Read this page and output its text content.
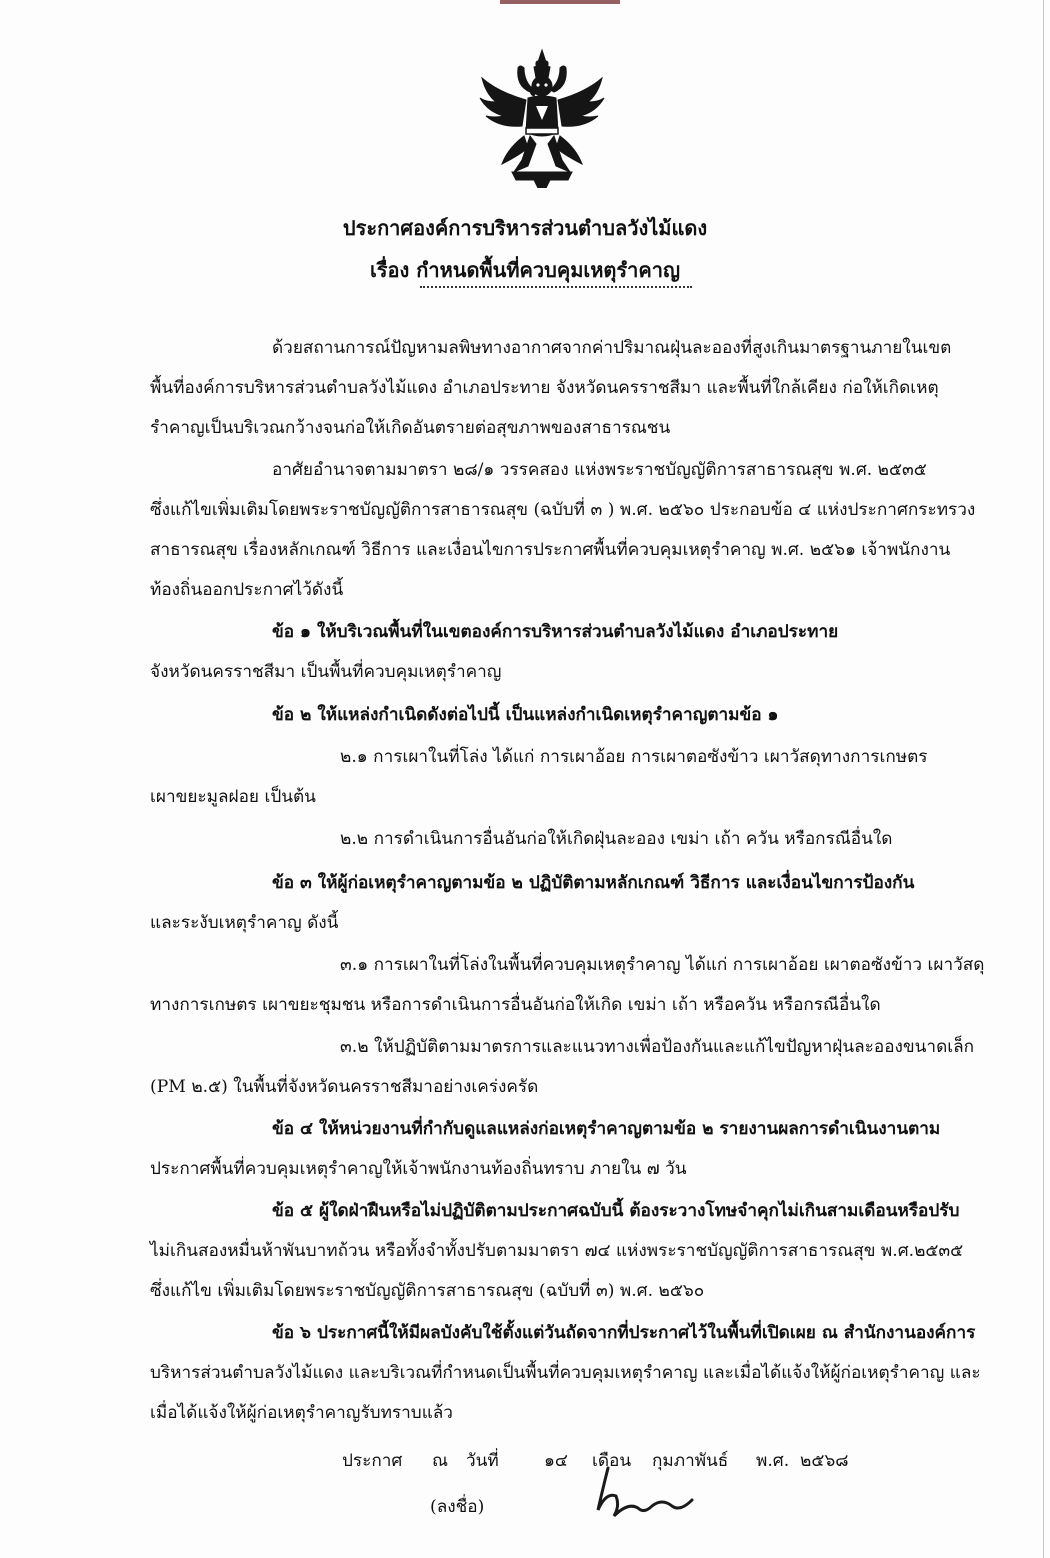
ประกาศองค์การบริหารส่วนตำบลวังไม้แดง
เรื่อง กำหนดพื้นที่ควบคุมเหตุรำคาญ
ด้วยสถานการณ์ปัญหามลพิษทางอากาศจากค่าปริมาณฝุ่นละอองที่สูงเกินมาตรฐานภายในเขต
พื้นที่องค์การบริหารส่วนตำบลวังไม้แดง อำเภอประทาย จังหวัดนครราชสีมา และพื้นที่ใกล้เคียง ก่อให้เกิดเหตุ
รำคาญเป็นบริเวณกว้างจนก่อให้เกิดอันตรายต่อสุขภาพของสาธารณชน
อาศัยอำนาจตามมาตรา ๒๘/๑ วรรคสอง แห่งพระราชบัญญัติการสาธารณสุข พ.ศ. ๒๕๓๕
ซึ่งแก้ไขเพิ่มเติมโดยพระราชบัญญัติการสาธารณสุข (ฉบับที่ ๓ ) พ.ศ. ๒๕๖๐ ประกอบข้อ ๔ แห่งประกาศกระทรวง
สาธารณสุข เรื่องหลักเกณฑ์ วิธีการ และเงื่อนไขการประกาศพื้นที่ควบคุมเหตุรำคาญ พ.ศ. ๒๕๖๑ เจ้าพนักงาน
ท้องถิ่นออกประกาศไว้ดังนี้
ข้อ ๑ ให้บริเวณพื้นที่ในเขตองค์การบริหารส่วนตำบลวังไม้แดง อำเภอประทาย
จังหวัดนครราชสีมา เป็นพื้นที่ควบคุมเหตุรำคาญ
ข้อ ๒ ให้แหล่งกำเนิดดังต่อไปนี้ เป็นแหล่งกำเนิดเหตุรำคาญตามข้อ ๑
๒.๑ การเผาในที่โล่ง ได้แก่ การเผาอ้อย การเผาตอซังข้าว เผาวัสดุทางการเกษตร
เผาขยะมูลฝอย เป็นต้น
๒.๒ การดำเนินการอื่นอันก่อให้เกิดฝุ่นละออง เขม่า เถ้า ควัน หรือกรณีอื่นใด
ข้อ ๓ ให้ผู้ก่อเหตุรำคาญตามข้อ ๒ ปฏิบัติตามหลักเกณฑ์ วิธีการ และเงื่อนไขการป้องกัน
และระงับเหตุรำคาญ ดังนี้
๓.๑ การเผาในที่โล่งในพื้นที่ควบคุมเหตุรำคาญ ได้แก่ การเผาอ้อย เผาตอซังข้าว เผาวัสดุ
ทางการเกษตร เผาขยะชุมชน หรือการดำเนินการอื่นอันก่อให้เกิด เขม่า เถ้า หรือควัน หรือกรณีอื่นใด
๓.๒ ให้ปฏิบัติตามมาตรการและแนวทางเพื่อป้องกันและแก้ไขปัญหาฝุ่นละอองขนาดเล็ก
(PM ๒.๕) ในพื้นที่จังหวัดนครราชสีมาอย่างเคร่งครัด
ข้อ ๔ ให้หน่วยงานที่กำกับดูแลแหล่งก่อเหตุรำคาญตามข้อ ๒ รายงานผลการดำเนินงานตาม
ประกาศพื้นที่ควบคุมเหตุรำคาญให้เจ้าพนักงานท้องถิ่นทราบ ภายใน ๗ วัน
ข้อ ๕ ผู้ใดฝ่าฝืนหรือไม่ปฏิบัติตามประกาศฉบับนี้ ต้องระวางโทษจำคุกไม่เกินสามเดือนหรือปรับ
ไม่เกินสองหมื่นห้าพันบาทถ้วน หรือทั้งจำทั้งปรับตามมาตรา ๗๔ แห่งพระราชบัญญัติการสาธารณสุข พ.ศ.๒๕๓๕
ซึ่งแก้ไข เพิ่มเติมโดยพระราชบัญญัติการสาธารณสุข (ฉบับที่ ๓) พ.ศ. ๒๕๖๐
ข้อ ๖ ประกาศนี้ให้มีผลบังคับใช้ตั้งแต่วันถัดจากที่ประกาศไว้ในพื้นที่เปิดเผย ณ สำนักงานองค์การ
บริหารส่วนตำบลวังไม้แดง และบริเวณที่กำหนดเป็นพื้นที่ควบคุมเหตุรำคาญ และเมื่อได้แจ้งให้ผู้ก่อเหตุรำคาญ และ
เมื่อได้แจ้งให้ผู้ก่อเหตุรำคาญรับทราบแล้ว
ประกาศ ณ วันที่	๑๔ เดือน กุมภาพันธ์ พ.ศ. ๒๕๖๘
(ลงชื่อ)
